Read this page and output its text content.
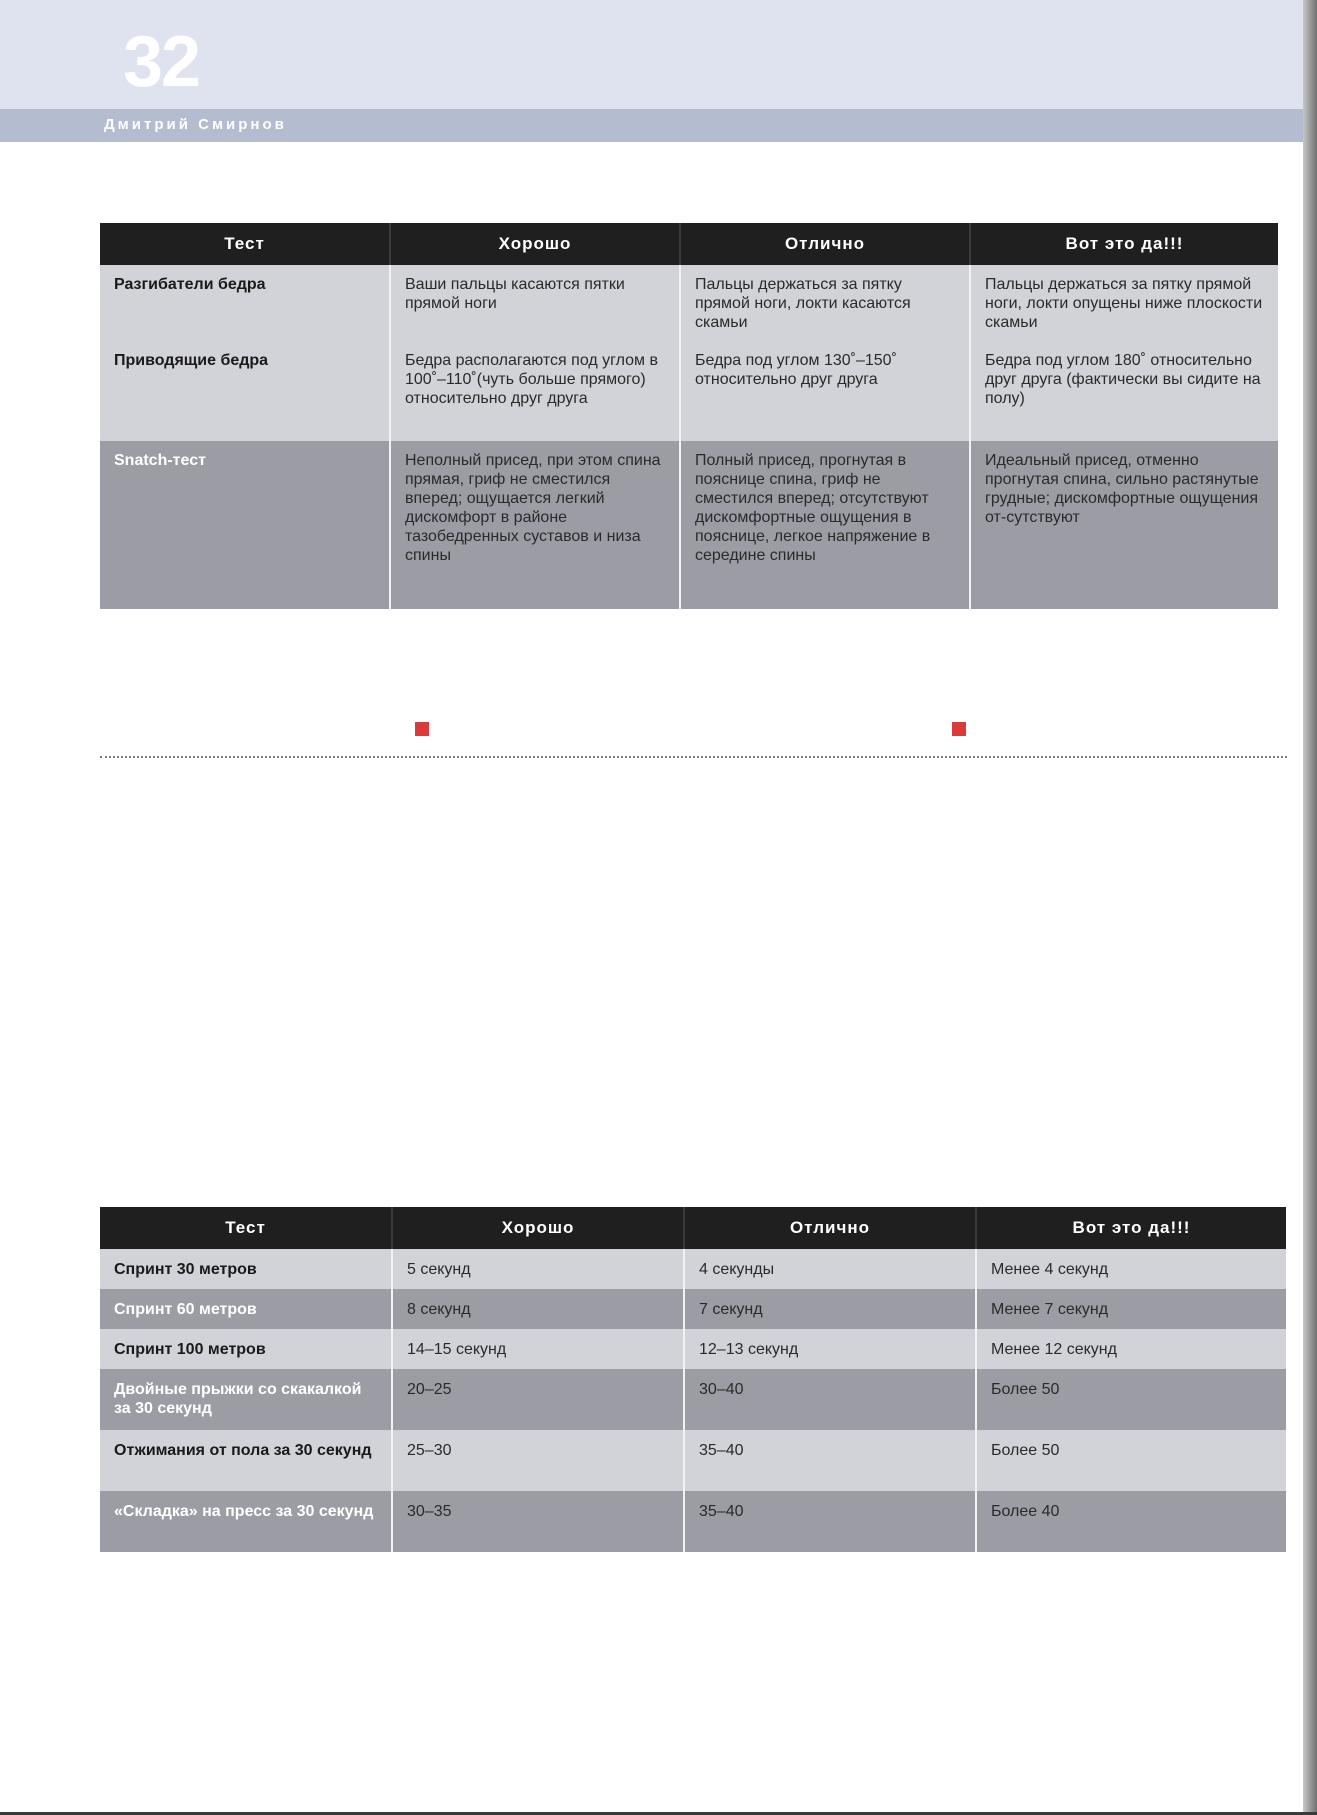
32
Дмитрий Смирнов
Тест	Хорошо	Отлично	Вот это да!!!
Разгибатели бедра	Ваши пальцы касаются пятки прямой ноги	Пальцы держаться за пятку прямой ноги, локти касаются скамьи	Пальцы держаться за пятку прямой ноги, локти опущены ниже плоскости скамьи
Приводящие бедра	Бедра располагаются под углом в 100˚–110˚(чуть больше прямого) относительно друг друга	Бедра под углом 130˚–150˚ относительно друг друга	Бедра под углом 180˚ относительно друг друга (фактически вы сидите на полу)
Snatch-тест	Неполный присед, при этом спина прямая, гриф не сместился вперед; ощущается легкий дискомфорт в районе тазобедренных суставов и низа спины	Полный присед, прогнутая в пояснице спина, гриф не сместился вперед; отсутствуют дискомфортные ощущения в пояснице, легкое напряжение в середине спины	Идеальный присед, отменно прогнутая спина, сильно растянутые грудные; дискомфортные ощущения от-сутствуют
Тест	Хорошо	Отлично	Вот это да!!!
Спринт 30 метров	5 секунд	4 секунды	Менее 4 секунд
Спринт 60 метров	8 секунд	7 секунд	Менее 7 секунд
Спринт 100 метров	14–15 секунд	12–13 секунд	Менее 12 секунд
Двойные прыжки со скакалкой за 30 секунд	20–25	30–40	Более 50
Отжимания от пола за 30 секунд	25–30	35–40	Более 50
«Складка» на пресс за 30 секунд	30–35	35–40	Более 40
